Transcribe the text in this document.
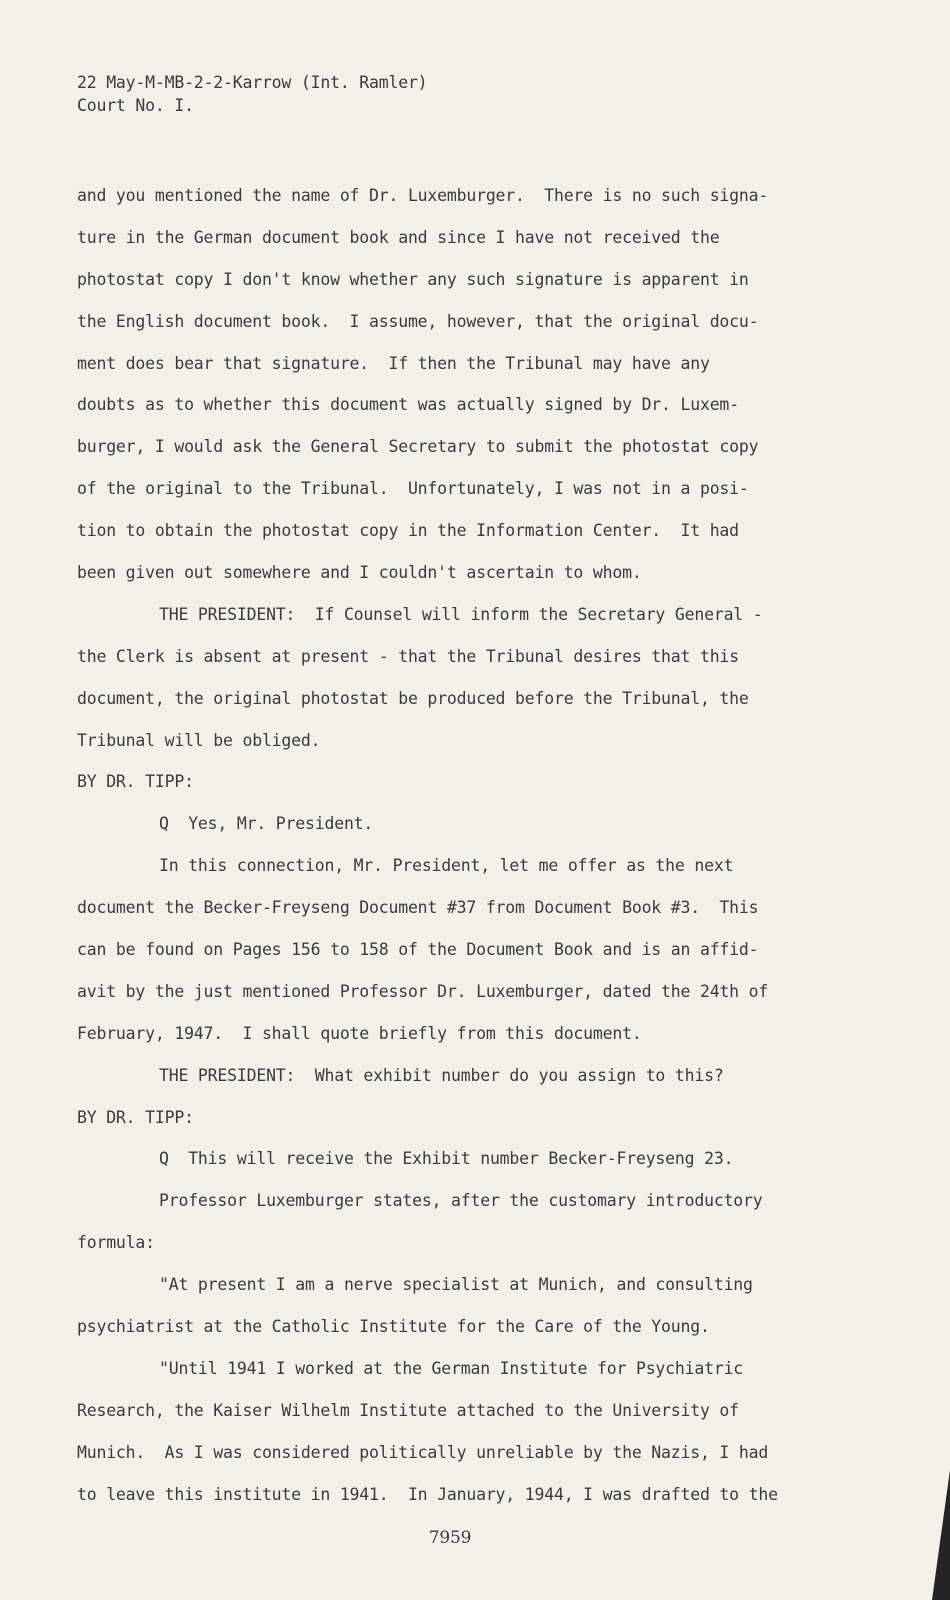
22 May-M-MB-2-2-Karrow (Int. Ramler)
Court No. I.
and you mentioned the name of Dr. Luxemburger.  There is no such signa-
ture in the German document book and since I have not received the
photostat copy I don't know whether any such signature is apparent in
the English document book.  I assume, however, that the original docu-
ment does bear that signature.  If then the Tribunal may have any
doubts as to whether this document was actually signed by Dr. Luxem-
burger, I would ask the General Secretary to submit the photostat copy
of the original to the Tribunal.  Unfortunately, I was not in a posi-
tion to obtain the photostat copy in the Information Center.  It had
been given out somewhere and I couldn't ascertain to whom.
THE PRESIDENT:  If Counsel will inform the Secretary General -
the Clerk is absent at present - that the Tribunal desires that this
document, the original photostat be produced before the Tribunal, the
Tribunal will be obliged.
BY DR. TIPP:
Q  Yes, Mr. President.
In this connection, Mr. President, let me offer as the next
document the Becker-Freyseng Document #37 from Document Book #3.  This
can be found on Pages 156 to 158 of the Document Book and is an affid-
avit by the just mentioned Professor Dr. Luxemburger, dated the 24th of
February, 1947.  I shall quote briefly from this document.
THE PRESIDENT:  What exhibit number do you assign to this?
BY DR. TIPP:
Q  This will receive the Exhibit number Becker-Freyseng 23.
Professor Luxemburger states, after the customary introductory
formula:
"At present I am a nerve specialist at Munich, and consulting
psychiatrist at the Catholic Institute for the Care of the Young.
"Until 1941 I worked at the German Institute for Psychiatric
Research, the Kaiser Wilhelm Institute attached to the University of
Munich.  As I was considered politically unreliable by the Nazis, I had
to leave this institute in 1941.  In January, 1944, I was drafted to the
7959
